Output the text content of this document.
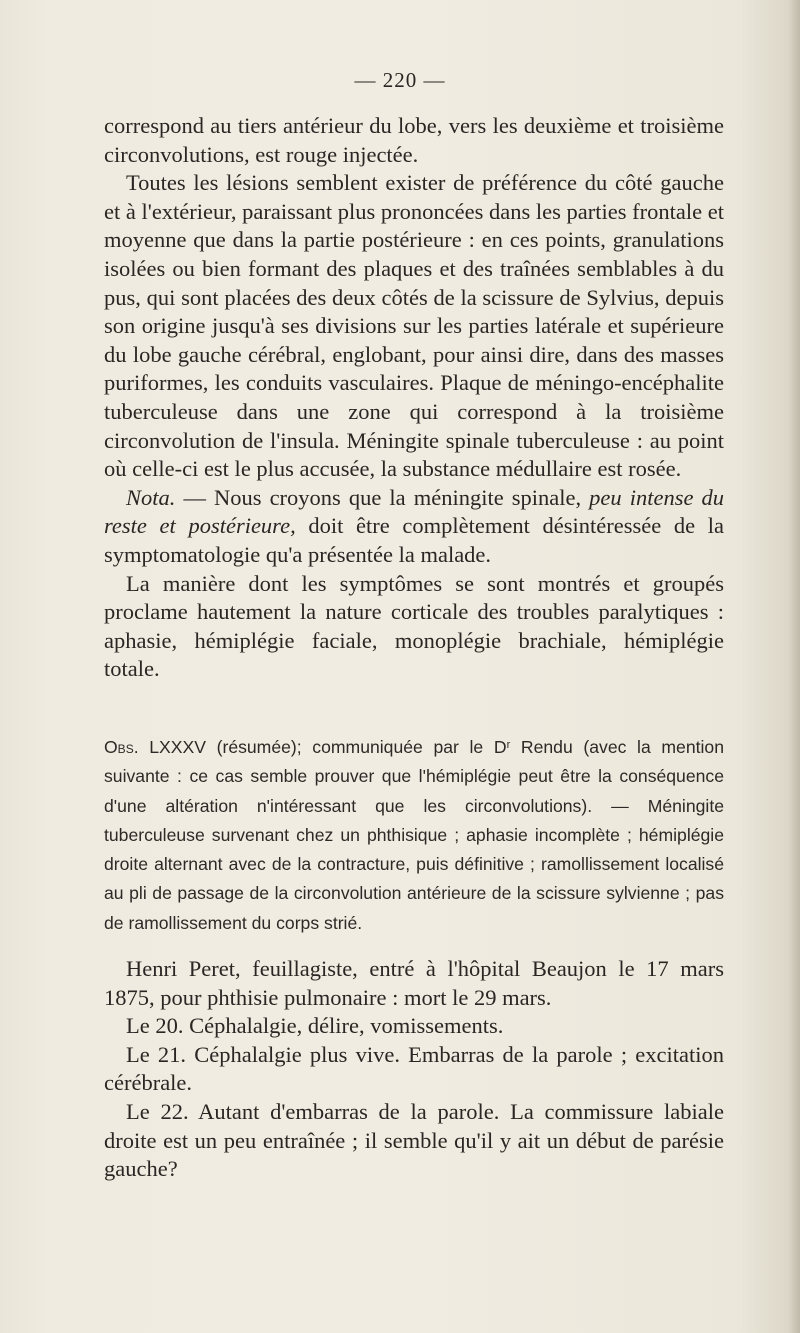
— 220 —

correspond au tiers antérieur du lobe, vers les deuxième et troisième circonvolutions, est rouge injectée.

Toutes les lésions semblent exister de préférence du côté gauche et à l'extérieur, paraissant plus prononcées dans les parties frontale et moyenne que dans la partie postérieure : en ces points, granulations isolées ou bien formant des plaques et des traînées semblables à du pus, qui sont placées des deux côtés de la scissure de Sylvius, depuis son origine jusqu'à ses divisions sur les parties latérale et supérieure du lobe gauche cérébral, englobant, pour ainsi dire, dans des masses puriformes, les conduits vasculaires. Plaque de méningo-encéphalite tuberculeuse dans une zone qui correspond à la troisième circonvolution de l'insula. Méningite spinale tuberculeuse : au point où celle-ci est le plus accusée, la substance médullaire est rosée.

Nota. — Nous croyons que la méningite spinale, peu intense du reste et postérieure, doit être complètement désintéressée de la symptomatologie qu'a présentée la malade.

La manière dont les symptômes se sont montrés et groupés proclame hautement la nature corticale des troubles paralytiques : aphasie, hémiplégie faciale, monoplégie brachiale, hémiplégie totale.

Obs. LXXXV (résumée); communiquée par le $D^r$ Rendu (avec la mention suivante : ce cas semble prouver que l'hémiplégie peut être la conséquence d'une altération n'intéressant que les circonvolutions). — Méningite tuberculeuse survenant chez un phthisique ; aphasie incomplète ; hémiplégie droite alternant avec de la contracture, puis définitive ; ramollissement localisé au pli de passage de la circonvolution antérieure de la scissure sylvienne ; pas de ramollissement du corps strié.

Henri Peret, feuillagiste, entré à l'hôpital Beaujon le 17 mars 1875, pour phthisie pulmonaire : mort le 29 mars.

Le 20. Céphalalgie, délire, vomissements.

Le 21. Céphalalgie plus vive. Embarras de la parole ; excitation cérébrale.

Le 22. Autant d'embarras de la parole. La commissure labiale droite est un peu entraînée ; il semble qu'il y ait un début de parésie gauche?
